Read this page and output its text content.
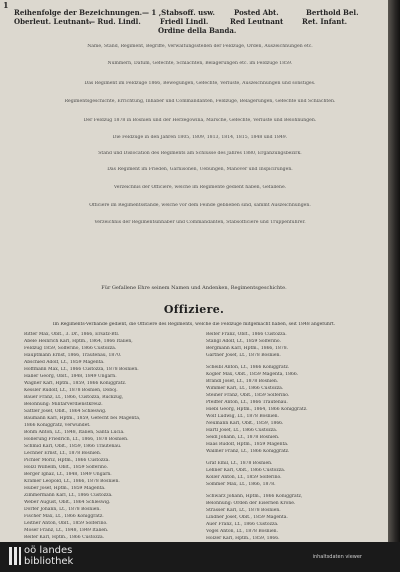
1
Reihenfolge der Bezeichnungen.— 1 ,Stabsoff. usw.	Posted Abt.	Berthold Bel.
Oberleut. Leutnant.— Rud. Lindl.	Friedl Lindl.	Red Leutnant	Ret. Infant.
Ordine della Banda.
Name, Stand, Regiment, Begriffe, Verwaltungsstellen der Feldzüge, Orden, Auszeichnungen etc.
Nummern, Datum, Gefechte, Schlachten, Belagerungen etc. im Feldzuge 1859.
Das Regiment im Feldzuge 1866, Bewegungen, Gefechte, Verluste, Auszeichnungen und sonstiges.
Regimentsgeschichte, Errichtung, Inhaber und Commandanten, Feldzüge, Belagerungen, Gefechte und Schlachten.
Der Feldzug 1878 in Bosnien und der Herzegowina, Märsche, Gefechte, Verluste und Belohnungen.
Die Feldzüge in den Jahren 1805, 1809, 1813, 1814, 1815, 1848 und 1849.
Stand und Dislocation des Regiments am Schlusse des Jahres 1880, Ergänzungsbezirk.
Das Regiment im Frieden, Garnisonen, Uebungen, Manöver und Inspicirungen.
Verzeichnis der Officiere, welche im Regimente gedient haben, Gefallene.
Officiere im Regimentsstande, welche vor dem Feinde geblieben sind, sammt Auszeichnungen.
Verzeichnis der Regimentsinhaber und Commandanten, Stabsofficiere und Truppenführer.
Für Gefallene Ehre seinem Namen und Andenken, Regimentsgeschichte.
Offiziere.
Im Regiments-Verbande gedient, die Officiere des Regiments, welche die Feldzüge mitgemacht haben, seit 1848 angeführt.
Ritter Max, Oblt., 3. Dr., 1866, Ersatz-Btl.
Abele Heinrich Karl, Hptm., 1864, 1866 Italien,
Feldzug 1859, Solferino, 1866 Custozza.
Hauptmann Ernst, 1866, Trautenau, 1870.
Abschied Adolf, Lt., 1859 Magenta.
Hoffmann Max, Lt., 1866 Custozza, 1878 Bosnien.
Haller Georg, Oblt., 1848, 1849 Ungarn.
Wagner Karl, Hptm., 1859, 1866 Königgrätz.
Kessler Rudolf, Lt., 1878 Bosnien, Doboj.
Bauer Franz, Lt., 1866, Custozza, Rückzug,
Belohnung: Militärverdienstkreuz.
Sattler Josef, Oblt., 1864 Schleswig.
Baumann Karl, Hptm., 1859, Gefecht bei Magenta,
1866 Königgrätz, verwundet.
Böhm Anton, Lt., 1848, Italien, Santa Lucia.
Hollerung Friedrich, Lt., 1866, 1878 Bosnien.
Schmid Karl, Oblt., 1859, 1866 Trautenau.
Lechner Ernst, Lt., 1878 Bosnien.
Pichler Moriz, Hptm., 1866 Custozza.
Hölzl Wilhelm, Oblt., 1859 Solferino.
Berger Ignaz, Lt., 1848, 1849 Ungarn.
Kramer Leopold, Lt., 1866, 1878 Bosnien.
Huber Josef, Hptm., 1859 Magenta.
Zimmermann Karl, Lt., 1866 Custozza.
Weber August, Oblt., 1864 Schleswig.
Dorfer Johann, Lt., 1878 Bosnien.
Fischer Max, Lt., 1866 Königgrätz.
Leitner Anton, Oblt., 1859 Solferino.
Moser Franz, Lt., 1848, 1849 Italien.
Reiter Karl, Hptm., 1866 Custozza.
Reiter Franz, Oblt., 1866 Custozza.
Stangl Adolf, Lt., 1859 Solferino.
Bergmann Karl, Hptm., 1866, 1878.
Gärtner Josef, Lt., 1878 Bosnien.
Scheibl Anton, Lt., 1866 Königgrätz.
Kogler Max, Oblt., 1859 Magenta, 1866.
Brandl Josef, Lt., 1878 Bosnien.
Wimmer Karl, Lt., 1866 Custozza.
Steiner Franz, Oblt., 1859 Solferino.
Pfeiffer Anton, Lt., 1866 Trautenau.
Hiebl Georg, Hptm., 1864, 1866 Königgrätz.
Wolf Ludwig, Lt., 1878 Bosnien.
Neumann Karl, Oblt., 1859, 1866.
Hartl Josef, Lt., 1866 Custozza.
Seidl Johann, Lt., 1878 Bosnien.
Haas Rudolf, Hptm., 1859 Magenta.
Wallner Franz, Lt., 1866 Königgrätz.
Graf Emil, Lt., 1878 Bosnien.
Lehner Karl, Oblt., 1866 Custozza.
Koller Anton, Lt., 1859 Solferino.
Sommer Max, Lt., 1866, 1878.
Schwarz Johann, Hptm., 1866 Königgrätz,
Belohnung: Orden der Eisernen Krone.
Strasser Karl, Lt., 1878 Bosnien.
Lindner Josef, Oblt., 1859 Magenta.
Auer Franz, Lt., 1866 Custozza.
Vogel Anton, Lt., 1878 Bosnien.
Holzer Karl, Hptm., 1859, 1866.
oö landes
bibliothek	inhaltsdaten viewer
